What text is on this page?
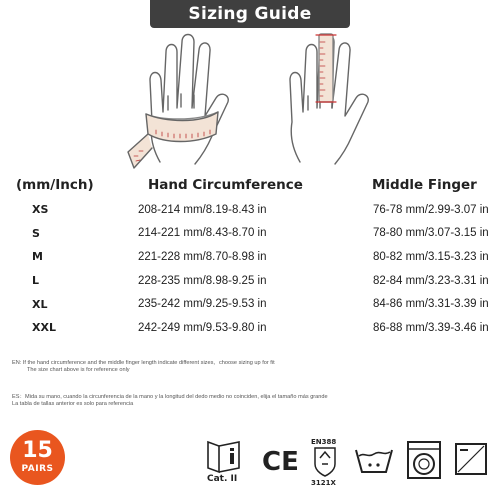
Sizing Guide
(mm/Inch)	Hand Circumference	Middle Finger
XS	208-214 mm/8.19-8.43 in	76-78 mm/2.99-3.07 in
S	214-221 mm/8.43-8.70 in	78-80 mm/3.07-3.15 in
M	221-228 mm/8.70-8.98 in	80-82 mm/3.15-3.23 in
L	228-235 mm/8.98-9.25 in	82-84 mm/3.23-3.31 in
XL	235-242 mm/9.25-9.53 in	84-86 mm/3.31-3.39 in
XXL	242-249 mm/9.53-9.80 in	86-88 mm/3.39-3.46 in
EN: If the hand circumference and the middle finger length indicate different sizes，choose sizing up for fit
The size chart above is for reference only
ES：Mida su mano, cuando la circunferencia de la mano y la longitud del dedo medio no coinciden, elija el tamaño más grande
La tabla de tallas anterior es solo para referencia
15
PAIRS
Cat. II
CE
EN388
3121X
